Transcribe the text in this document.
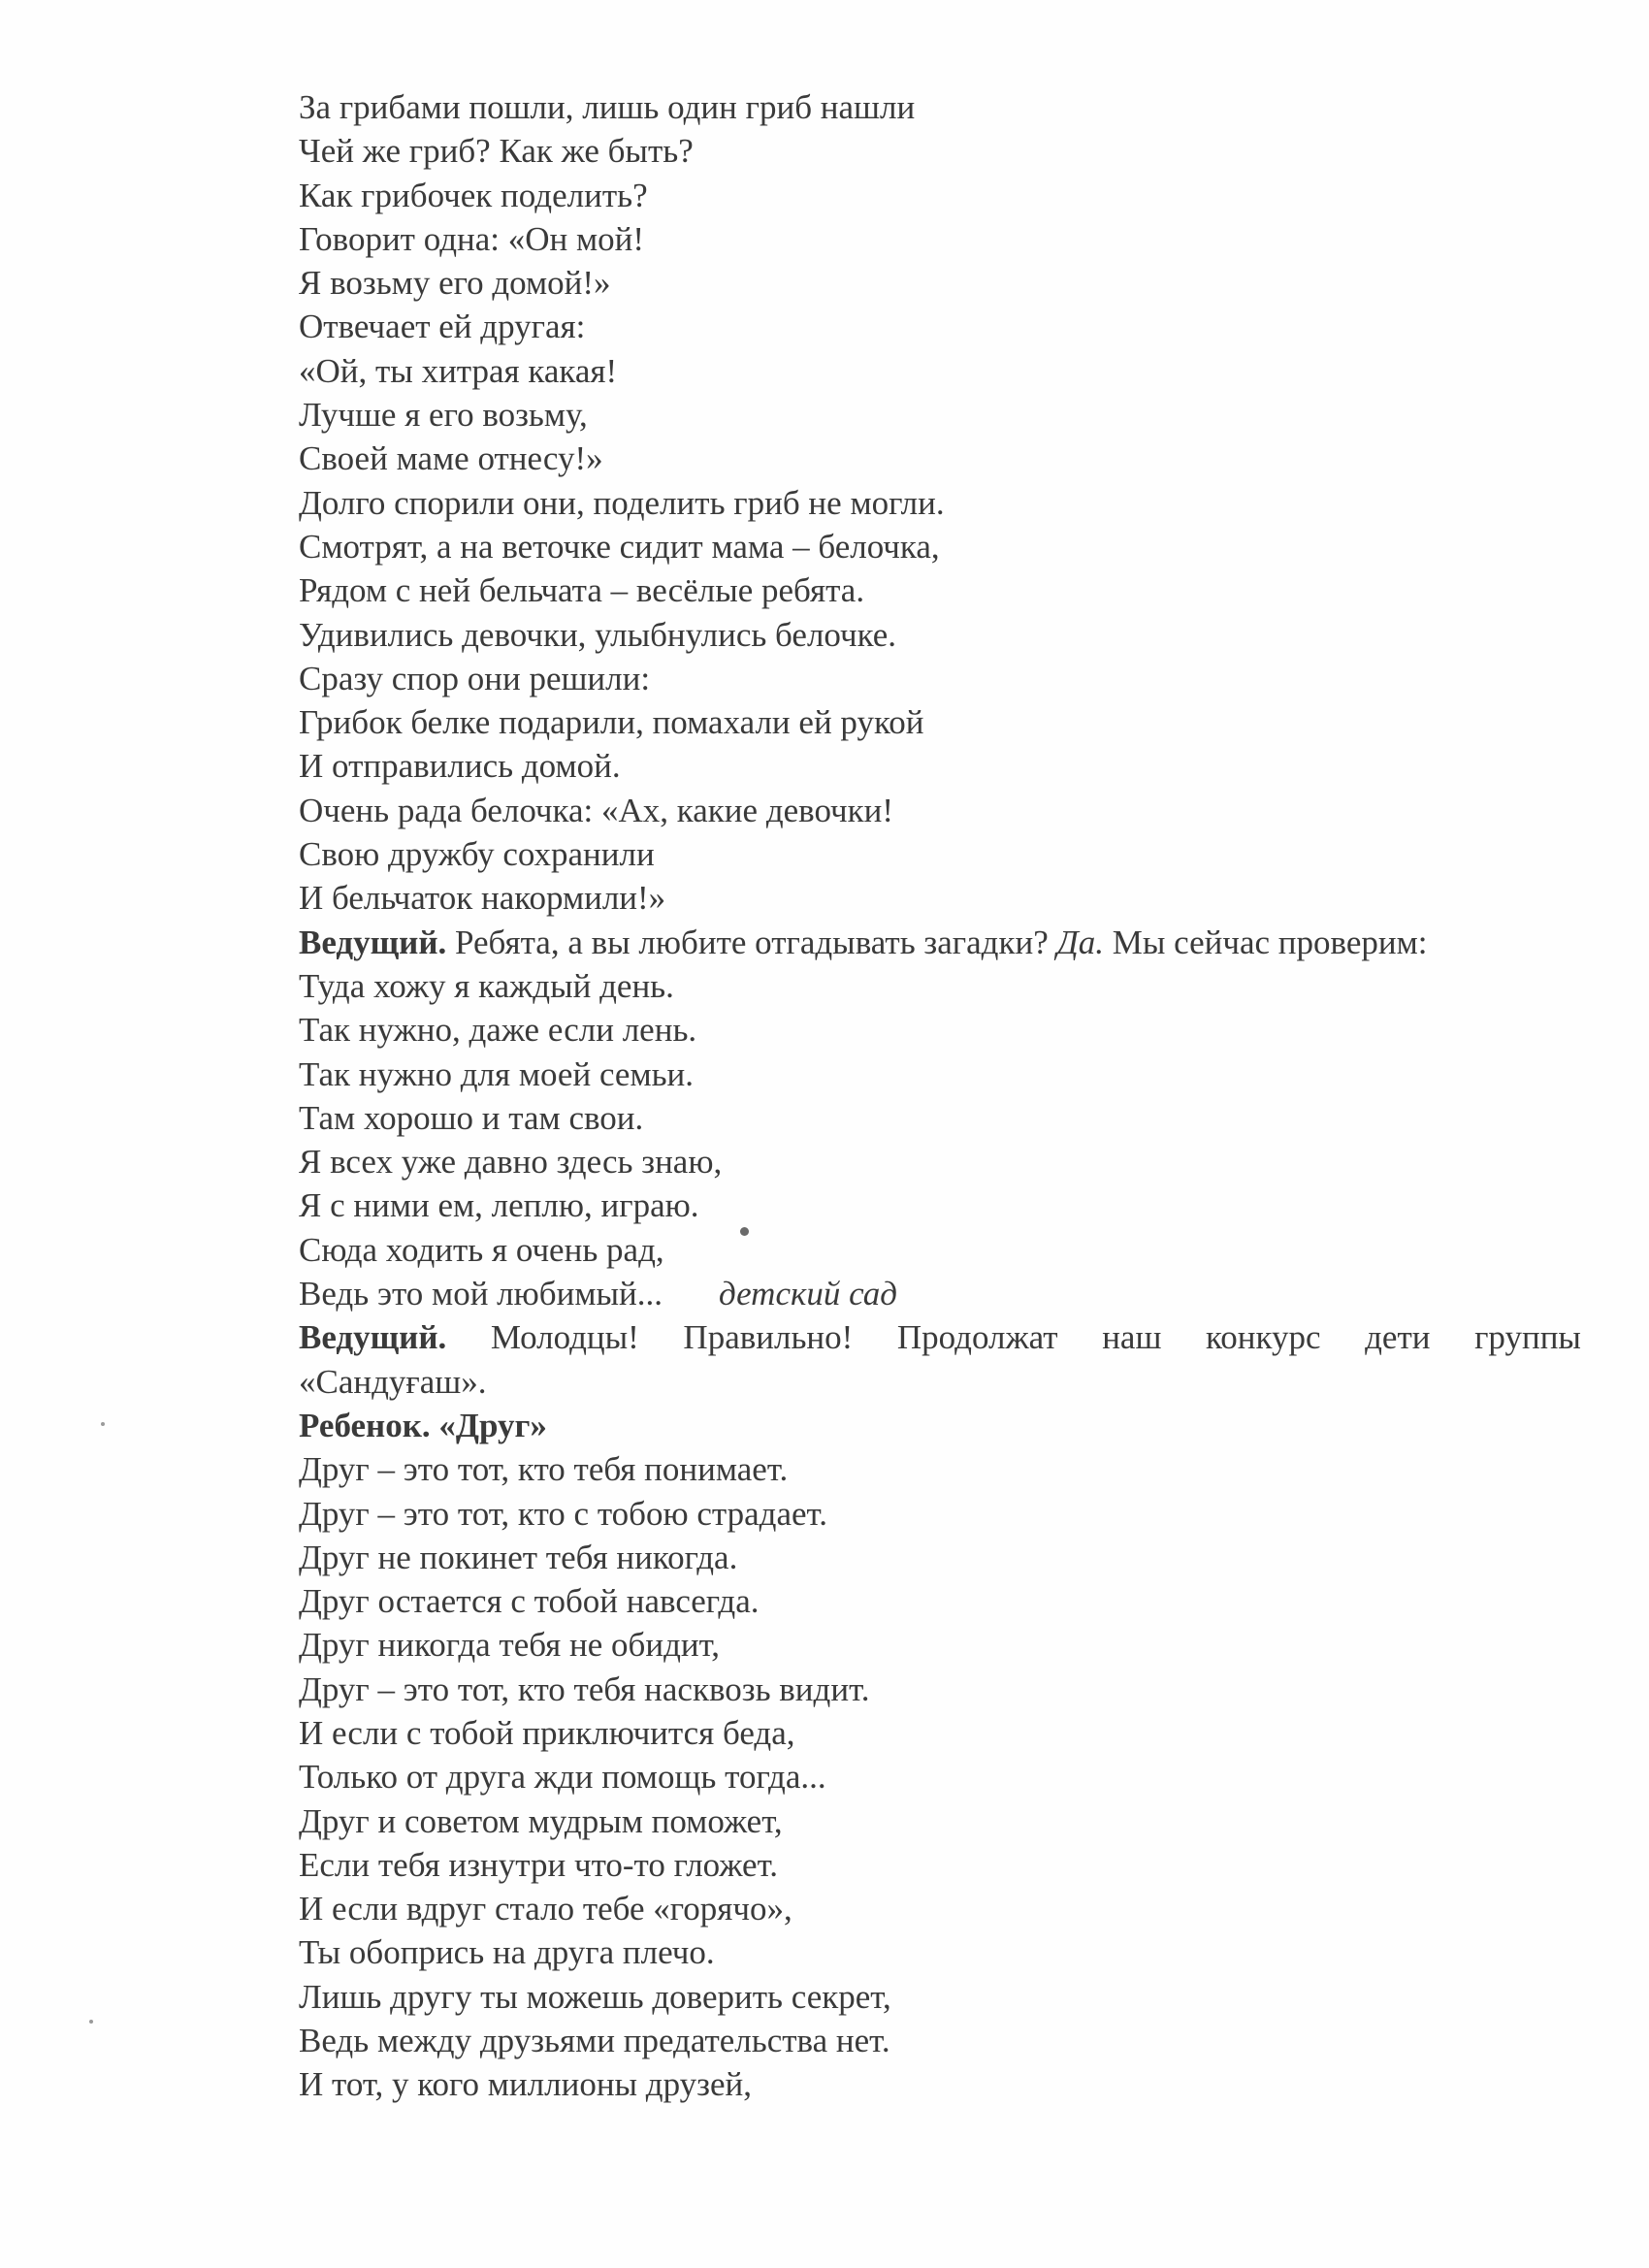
За грибами пошли, лишь один гриб нашли
Чей же гриб? Как же быть?
Как грибочек поделить?
Говорит одна: «Он мой!
Я возьму его домой!»
Отвечает ей другая:
«Ой, ты хитрая какая!
Лучше я его возьму,
Своей маме отнесу!»
Долго спорили они, поделить гриб не могли.
Смотрят, а на веточке сидит мама – белочка,
Рядом с ней бельчата – весёлые ребята.
Удивились девочки, улыбнулись белочке.
Сразу спор они решили:
Грибок белке подарили, помахали ей рукой
И отправились домой.
Очень рада белочка: «Ах, какие девочки!
Свою дружбу сохранили
И бельчаток накормили!»
Ведущий. Ребята, а вы любите отгадывать загадки? Да. Мы сейчас проверим:
Туда хожу я каждый день.
Так нужно, даже если лень.
Так нужно для моей семьи.
Там хорошо и там свои.
Я всех уже давно здесь знаю,
Я с ними ем, леплю, играю.
Сюда ходить я очень рад,
Ведь это мой любимый... детский сад
Ведущий. Молодцы! Правильно! Продолжат наш конкурс дети группы
«Сандуғаш».
Ребенок. «Друг»
Друг – это тот, кто тебя понимает.
Друг – это тот, кто с тобою страдает.
Друг не покинет тебя никогда.
Друг остается с тобой навсегда.
Друг никогда тебя не обидит,
Друг – это тот, кто тебя насквозь видит.
И если с тобой приключится беда,
Только от друга жди помощь тогда...
Друг и советом мудрым поможет,
Если тебя изнутри что-то гложет.
И если вдруг стало тебе «горячо»,
Ты обопрись на друга плечо.
Лишь другу ты можешь доверить секрет,
Ведь между друзьями предательства нет.
И тот, у кого миллионы друзей,
